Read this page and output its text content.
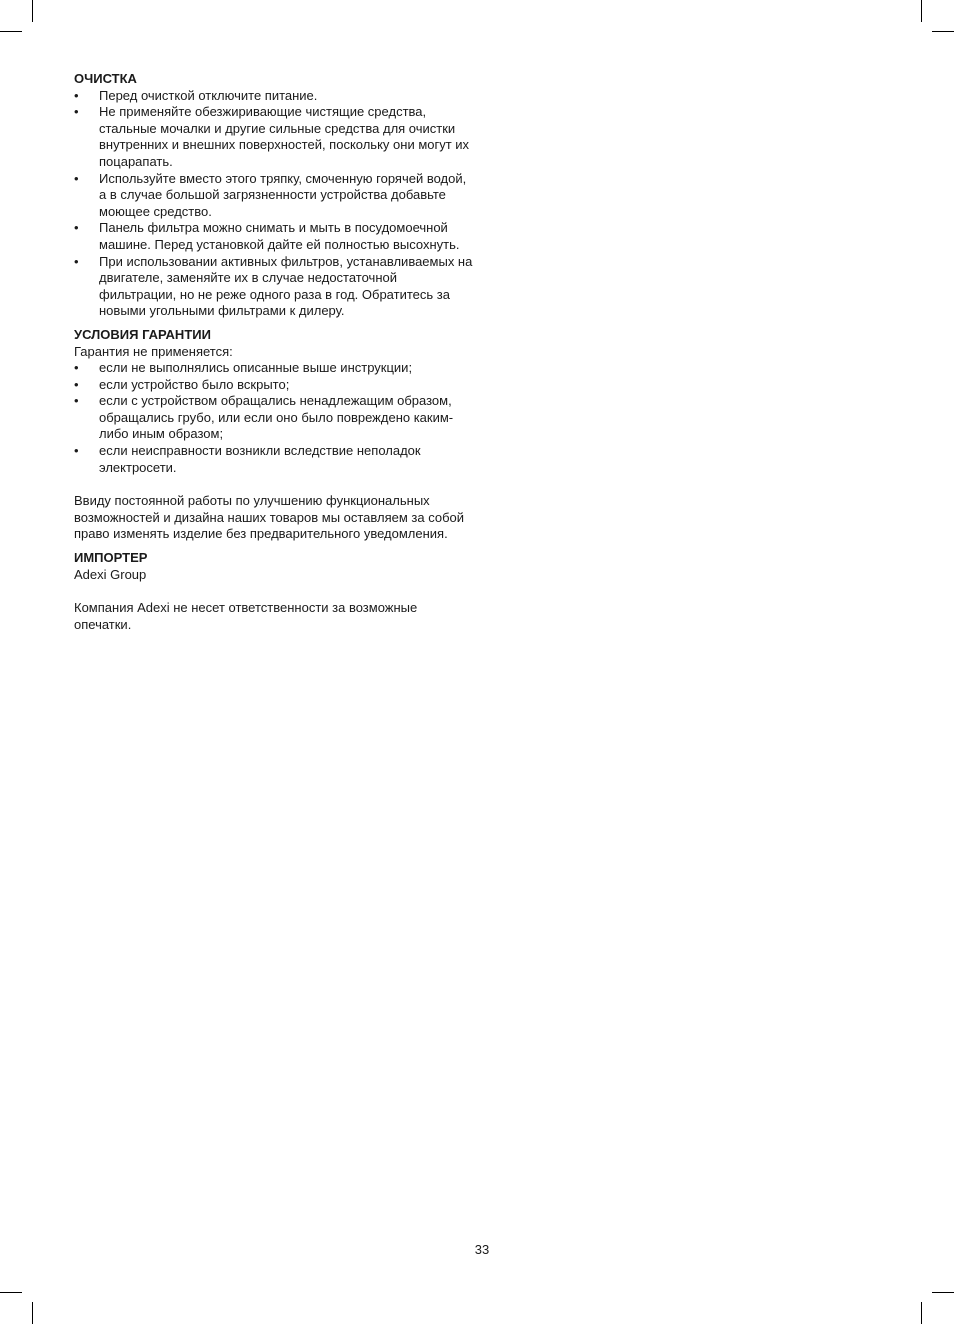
ОЧИСТКА
• Перед очисткой отключите питание.
• Не применяйте обезжиривающие чистящие средства, стальные мочалки и другие сильные средства для очистки внутренних и внешних поверхностей, поскольку они могут их поцарапать.
• Используйте вместо этого тряпку, смоченную горячей водой, а в случае большой загрязненности устройства добавьте моющее средство.
• Панель фильтра можно снимать и мыть в посудомоечной машине. Перед установкой дайте ей полностью высохнуть.
• При использовании активных фильтров, устанавливаемых на двигателе, заменяйте их в случае недостаточной фильтрации, но не реже одного раза в год. Обратитесь за новыми угольными фильтрами к дилеру.
УСЛОВИЯ ГАРАНТИИ

Гарантия не применяется:

• если не выполнялись описанные выше инструкции;
• если устройство было вскрыто;
• если с устройством обращались ненадлежащим образом, обращались грубо, или если оно было повреждено каким-либо иным образом;
• если неисправности возникли вследствие неполадок электросети.

Ввиду постоянной работы по улучшению функциональных возможностей и дизайна наших товаров мы оставляем за собой право изменять изделие без предварительного уведомления.

ИМПОРТЕР

Adexi Group

Компания Adexi не несет ответственности за возможные опечатки.

33
